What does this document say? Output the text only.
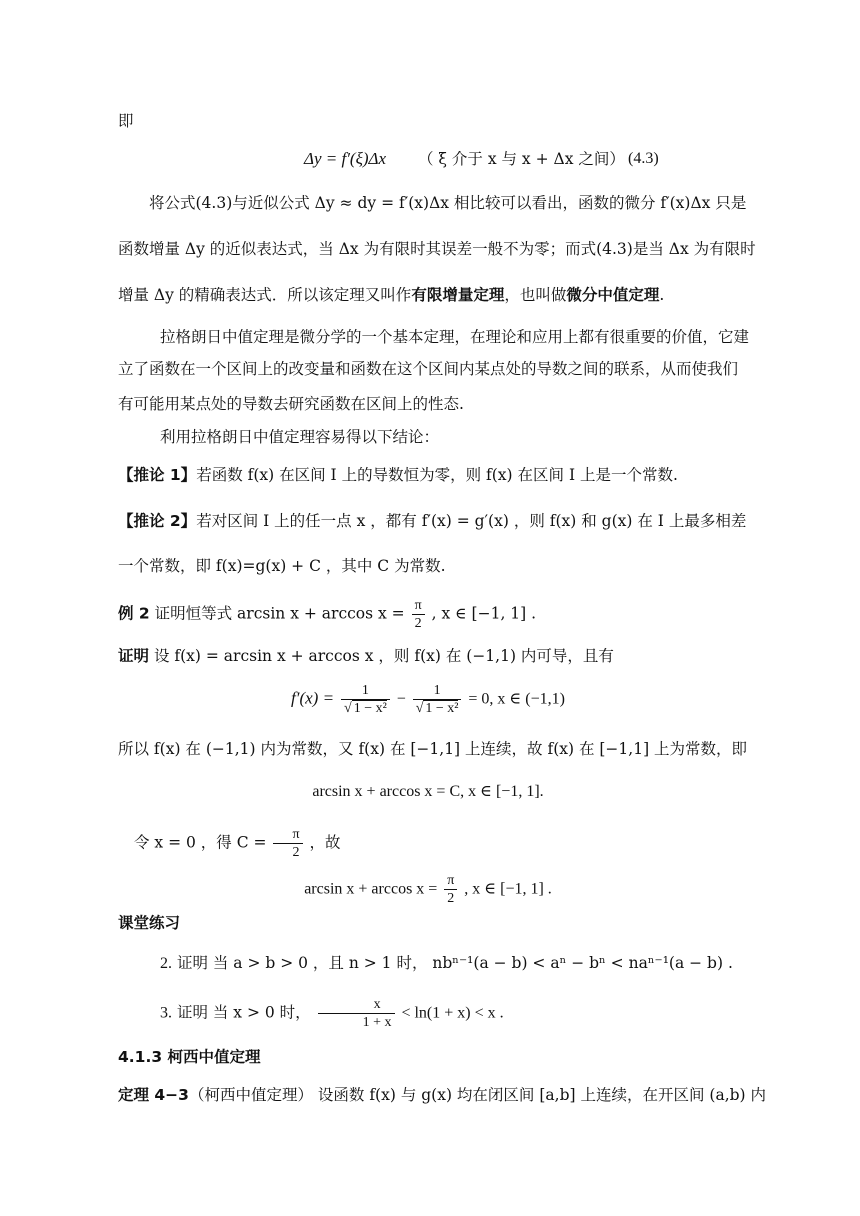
即
Δy = f′(ξ)Δx （ ξ 介于 x 与 x + Δx 之间） (4.3)
将公式(4.3)与近似公式 Δy ≈ dy = f′(x)Δx 相比较可以看出，函数的微分 f′(x)Δx 只是
函数增量 Δy 的近似表达式，当 Δx 为有限时其误差一般不为零；而式(4.3)是当 Δx 为有限时
增量 Δy 的精确表达式．所以该定理又叫作有限增量定理，也叫做微分中值定理.
拉格朗日中值定理是微分学的一个基本定理，在理论和应用上都有很重要的价值，它建
立了函数在一个区间上的改变量和函数在这个区间内某点处的导数之间的联系，从而使我们
有可能用某点处的导数去研究函数在区间上的性态.
利用拉格朗日中值定理容易得以下结论：
【推论 1】若函数 f(x) 在区间 I 上的导数恒为零，则 f(x) 在区间 I 上是一个常数.
【推论 2】若对区间 I 上的任一点 x ，都有 f′(x) = g′(x) ，则 f(x) 和 g(x) 在 I 上最多相差
一个常数，即 f(x)=g(x) + C ，其中 C 为常数.
例 2 证明恒等式 $\arcsin x + \arccos x = \frac{\pi}{2}$ , x ∈ [−1, 1] .
证明 设 f(x) = arcsin x + arccos x ，则 f(x) 在 (−1,1) 内可导，且有
$f'(x) = \frac{1}{\text{√ 1 − x²}} - \frac{1}{\text{√ 1 − x²}} = 0$, x ∈ (−1,1)
所以 f(x) 在 (−1,1) 内为常数，又 f(x) 在 [−1,1] 上连续，故 f(x) 在 [−1,1] 上为常数，即
arcsin x + arccos x = C, x ∈ [−1, 1].
令 x = 0 ，得 $C = \frac{\pi}{2}$ ，故
$\arcsin x + \arccos x = \frac{\pi}{2}$ , x ∈ [−1, 1] .
课堂练习
2. 证明 当 a > b > 0 ，且 n > 1 时， nbⁿ⁻¹(a − b) < aⁿ − bⁿ < naⁿ⁻¹(a − b) .
3. 证明 当 x > 0 时， $\frac{x}{1 + x} < \ln(1 + x) < x$ .
4.1.3 柯西中值定理
定理 4−3（柯西中值定理） 设函数 f(x) 与 g(x) 均在闭区间 [a,b] 上连续，在开区间 (a,b) 内
